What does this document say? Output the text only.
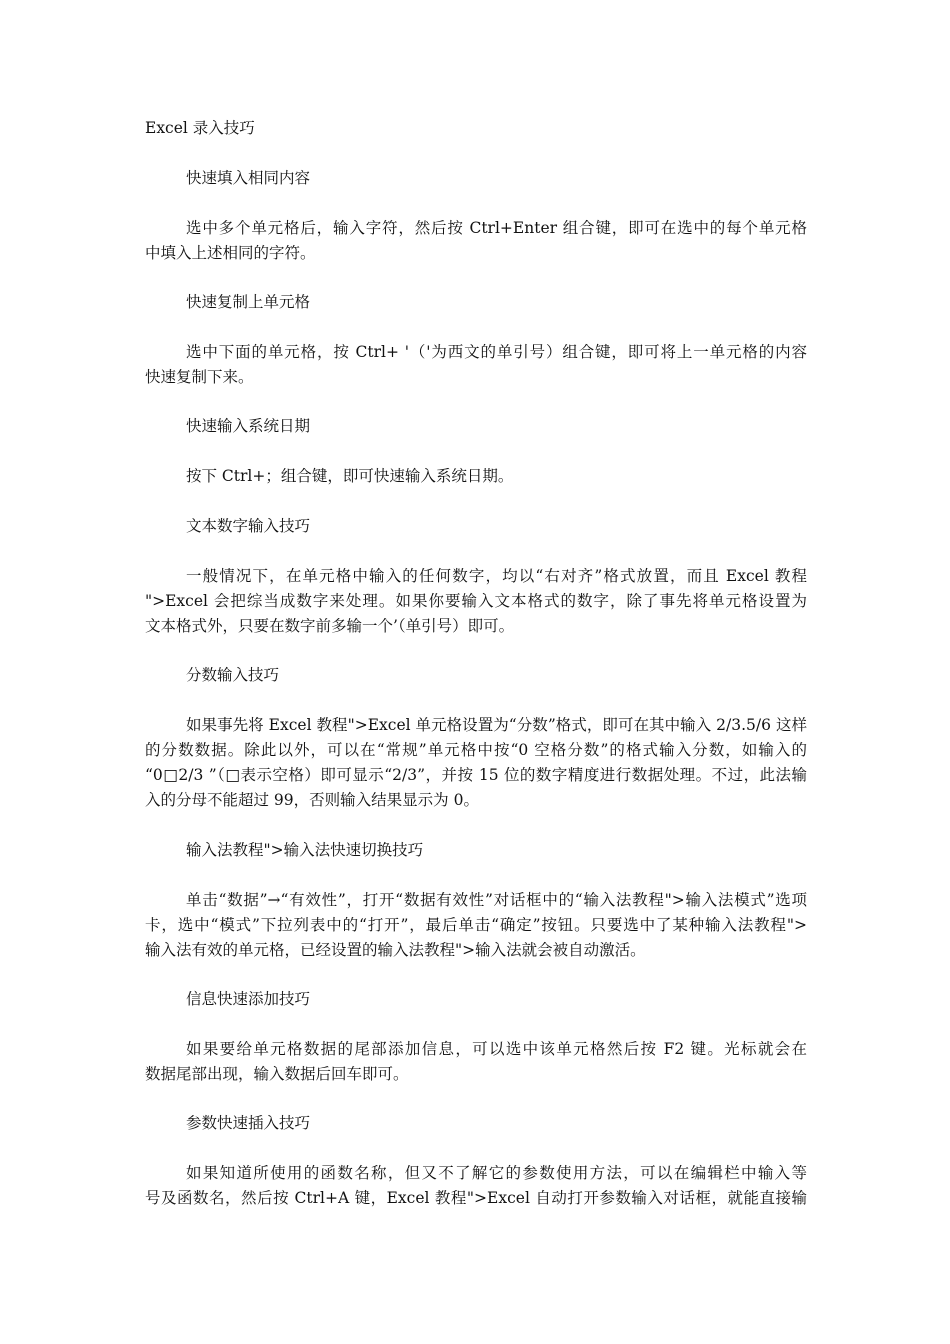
Excel 录入技巧
快速填入相同内容
选中多个单元格后，输入字符，然后按 Ctrl+Enter 组合键，即可在选中的每个单元格
中填入上述相同的字符。
快速复制上单元格
选中下面的单元格，按 Ctrl+ '（'为西文的单引号）组合键，即可将上一单元格的内容
快速复制下来。
快速输入系统日期
按下 Ctrl+；组合键，即可快速输入系统日期。
文本数字输入技巧
一般情况下，在单元格中输入的任何数字，均以“右对齐”格式放置，而且 Excel 教程
">Excel 会把综当成数字来处理。如果你要输入文本格式的数字，除了事先将单元格设置为
文本格式外，只要在数字前多输一个’（单引号）即可。
分数输入技巧
如果事先将 Excel 教程">Excel 单元格设置为“分数”格式，即可在其中输入 2/3.5/6 这样
的分数数据。除此以外，可以在“常规”单元格中按“0 空格分数”的格式输入分数，如输入的
“0□2/3 ”（□表示空格）即可显示“2/3”，并按 15 位的数字精度进行数据处理。不过，此法输
入的分母不能超过 99，否则输入结果显示为 0。
输入法教程">输入法快速切换技巧
单击“数据”→“有效性”，打开“数据有效性”对话框中的“输入法教程">输入法模式”选项
卡，选中“模式”下拉列表中的“打开”，最后单击“确定”按钮。只要选中了某种输入法教程">
输入法有效的单元格，已经设置的输入法教程">输入法就会被自动激活。
信息快速添加技巧
如果要给单元格数据的尾部添加信息，可以选中该单元格然后按 F2 键。光标就会在
数据尾部出现，输入数据后回车即可。
参数快速插入技巧
如果知道所使用的函数名称，但又不了解它的参数使用方法，可以在编辑栏中输入等
号及函数名，然后按 Ctrl+A 键，Excel 教程">Excel 自动打开参数输入对话框，就能直接输
